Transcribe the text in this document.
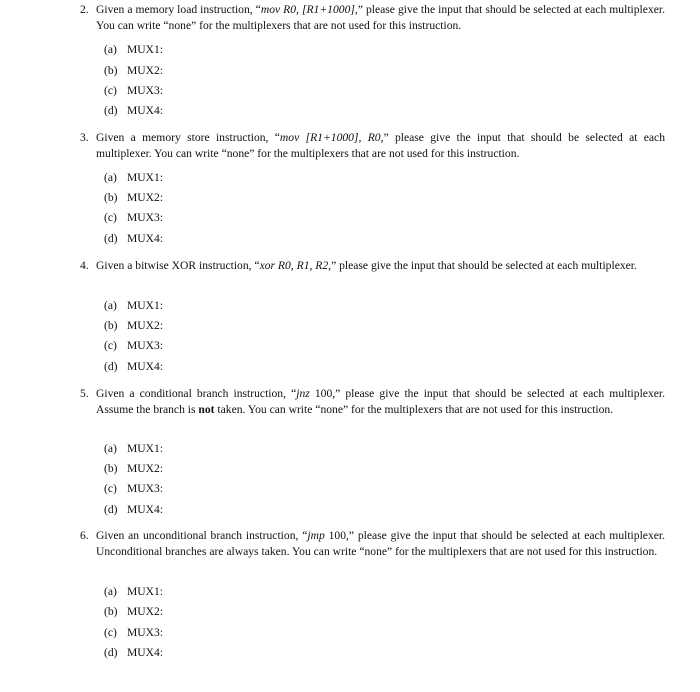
2. Given a memory load instruction, “mov R0, [R1+1000],” please give the input that should be selected at each multiplexer. You can write “none” for the multiplexers that are not used for this instruction.
(a) MUX1:
(b) MUX2:
(c) MUX3:
(d) MUX4:
3. Given a memory store instruction, “mov [R1+1000], R0,” please give the input that should be selected at each multiplexer. You can write “none” for the multiplexers that are not used for this instruction.
(a) MUX1:
(b) MUX2:
(c) MUX3:
(d) MUX4:
4. Given a bitwise XOR instruction, “xor R0, R1, R2,” please give the input that should be selected at each multiplexer.
(a) MUX1:
(b) MUX2:
(c) MUX3:
(d) MUX4:
5. Given a conditional branch instruction, “jnz 100,” please give the input that should be selected at each multiplexer. Assume the branch is not taken. You can write “none” for the multiplexers that are not used for this instruction.
(a) MUX1:
(b) MUX2:
(c) MUX3:
(d) MUX4:
6. Given an unconditional branch instruction, “jmp 100,” please give the input that should be selected at each multiplexer. Unconditional branches are always taken. You can write “none” for the multiplexers that are not used for this instruction.
(a) MUX1:
(b) MUX2:
(c) MUX3:
(d) MUX4:
